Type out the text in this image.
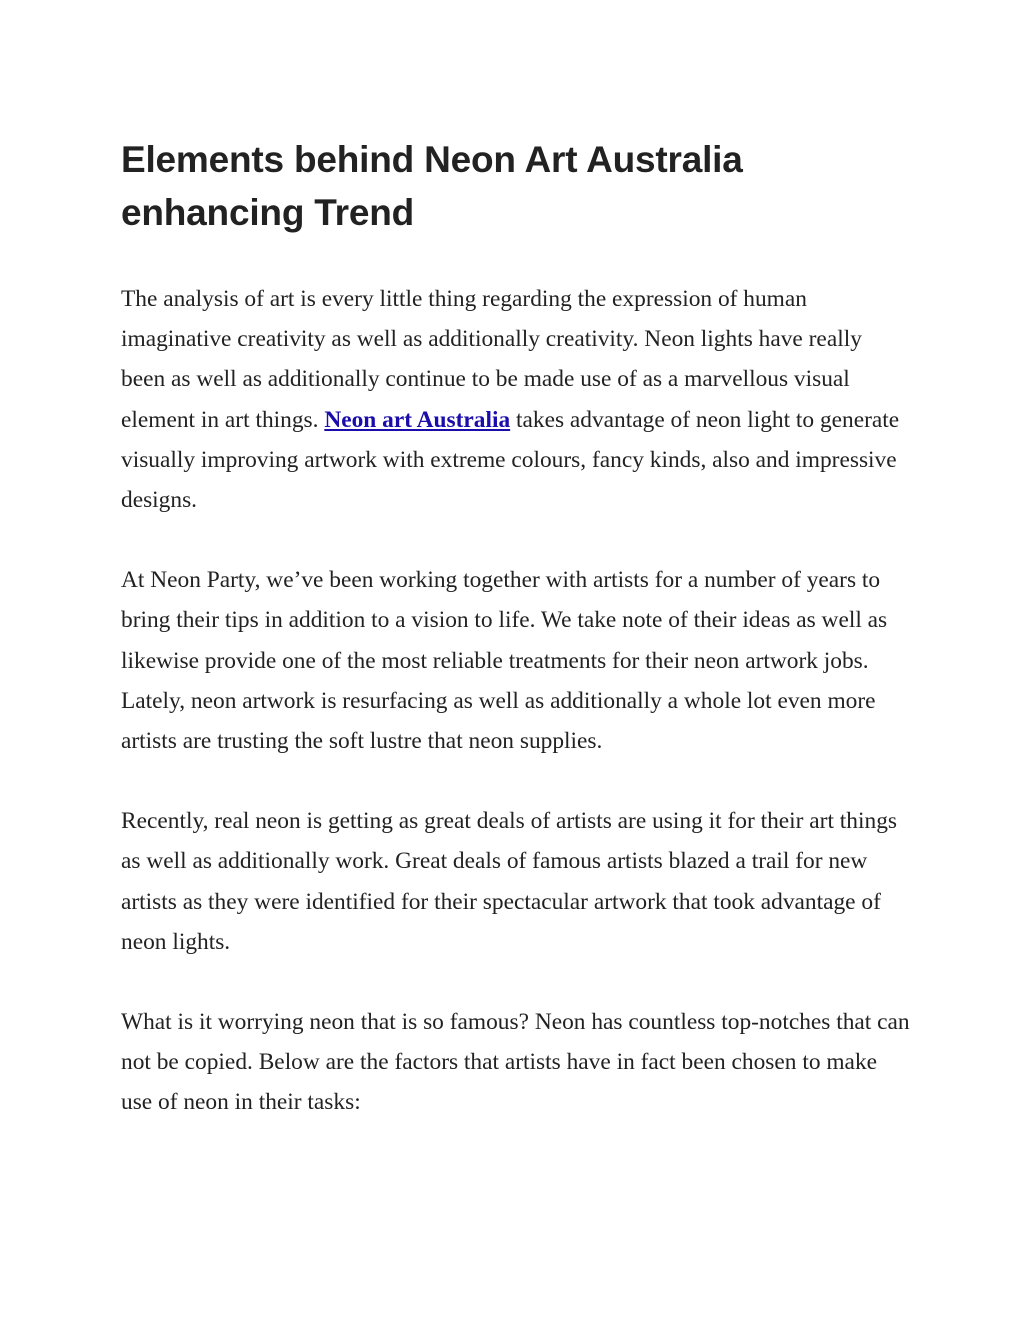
Elements behind Neon Art Australia
enhancing Trend

The analysis of art is every little thing regarding the expression of human imaginative creativity as well as additionally creativity. Neon lights have really been as well as additionally continue to be made use of as a marvellous visual element in art things. Neon art Australia takes advantage of neon light to generate visually improving artwork with extreme colours, fancy kinds, also and impressive designs.

At Neon Party, we’ve been working together with artists for a number of years to bring their tips in addition to a vision to life. We take note of their ideas as well as likewise provide one of the most reliable treatments for their neon artwork jobs. Lately, neon artwork is resurfacing as well as additionally a whole lot even more artists are trusting the soft lustre that neon supplies.

Recently, real neon is getting as great deals of artists are using it for their art things as well as additionally work. Great deals of famous artists blazed a trail for new artists as they were identified for their spectacular artwork that took advantage of neon lights.

What is it worrying neon that is so famous? Neon has countless top-notches that can not be copied. Below are the factors that artists have in fact been chosen to make use of neon in their tasks:
